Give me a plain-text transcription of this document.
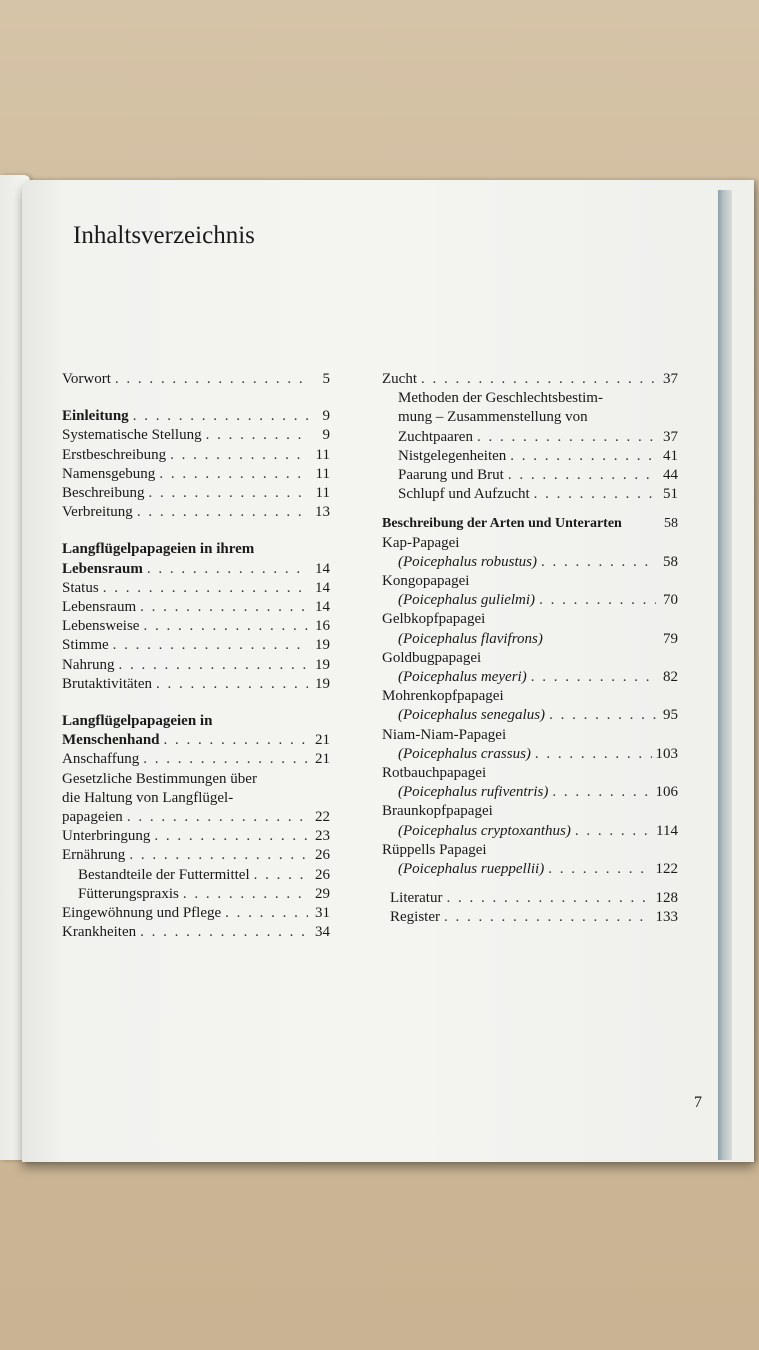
Inhaltsverzeichnis
Vorwort . . .	5
Einleitung . . .	9
Systematische Stellung . . .	9
Erstbeschreibung . . .	11
Namensgebung . . .	11
Beschreibung . . .	11
Verbreitung . . .	13
Langflügelpapageien in ihrem
Lebensraum . . .	14
Status . . .	14
Lebensraum . . .	14
Lebensweise . . .	16
Stimme . . .	19
Nahrung . . .	19
Brutaktivitäten . . .	19
Langflügelpapageien in
Menschenhand . . .	21
Anschaffung . . .	21
Gesetzliche Bestimmungen über
die Haltung von Langflügel-
papageien . . .	22
Unterbringung . . .	23
Ernährung . . .	26
Bestandteile der Futtermittel . . .	26
Fütterungspraxis . . .	29
Eingewöhnung und Pflege . . .	31
Krankheiten . . .	34
Zucht . . .	37
Methoden der Geschlechtsbestim-
mung – Zusammenstellung von
Zuchtpaaren . . .	37
Nistgelegenheiten . . .	41
Paarung und Brut . . .	44
Schlupf und Aufzucht . . .	51
Beschreibung der Arten und Unterarten	58
Kap-Papagei
(Poicephalus robustus) . . .	58
Kongopapagei
(Poicephalus gulielmi) . . .	70
Gelbkopfpapagei
(Poicephalus flavifrons)	79
Goldbugpapagei
(Poicephalus meyeri) . . .	82
Mohrenkopfpapagei
(Poicephalus senegalus) . . .	95
Niam-Niam-Papagei
(Poicephalus crassus) . . .	103
Rotbauchpapagei
(Poicephalus rufiventris) . . .	106
Braunkopfpapagei
(Poicephalus cryptoxanthus) . . .	114
Rüppells Papagei
(Poicephalus rueppellii) . . .	122
Literatur . . .	128
Register . . .	133
7
